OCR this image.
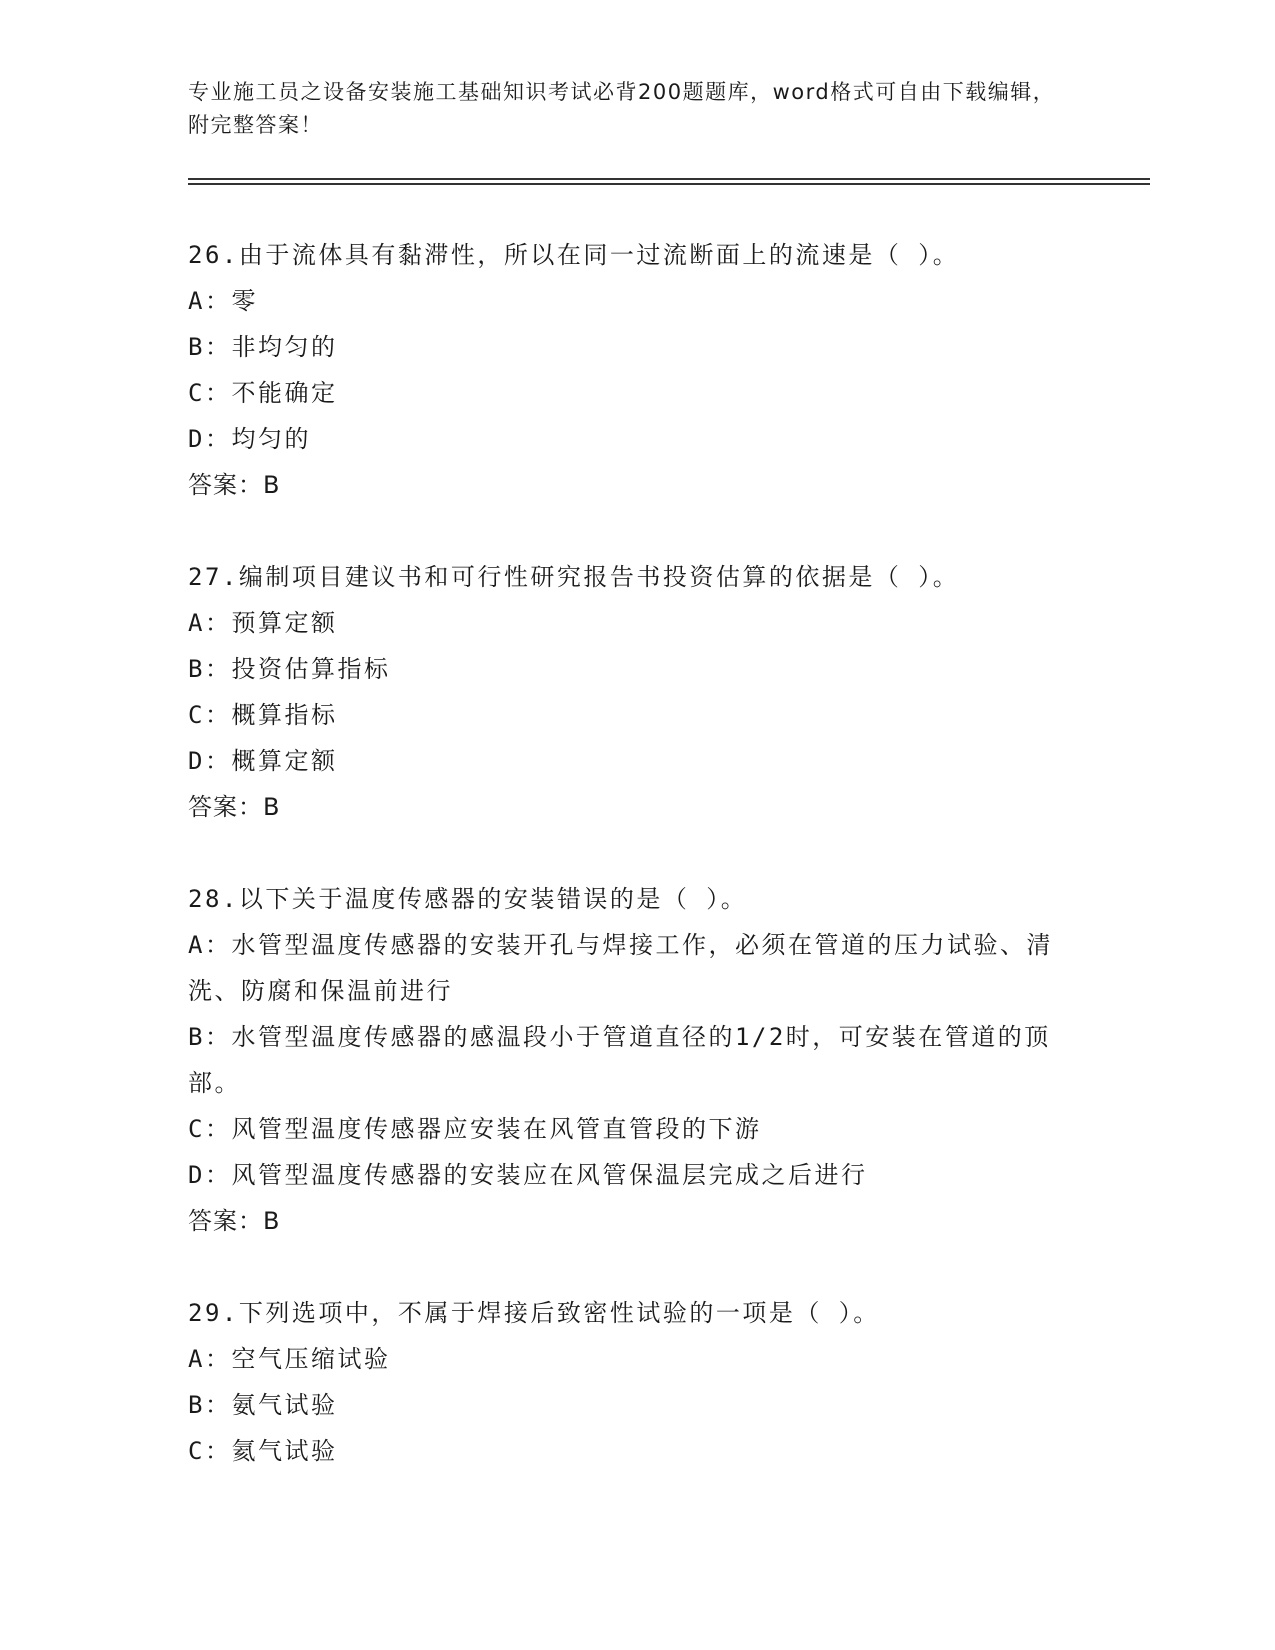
专业施工员之设备安装施工基础知识考试必背200题题库，word格式可自由下载编辑，附完整答案！
26.由于流体具有黏滞性，所以在同一过流断面上的流速是（ ）。
A：零
B：非均匀的
C：不能确定
D：均匀的
答案：B
27.编制项目建议书和可行性研究报告书投资估算的依据是（ ）。
A：预算定额
B：投资估算指标
C：概算指标
D：概算定额
答案：B
28.以下关于温度传感器的安装错误的是（ ）。
A：水管型温度传感器的安装开孔与焊接工作，必须在管道的压力试验、清洗、防腐和保温前进行
B：水管型温度传感器的感温段小于管道直径的1/2时，可安装在管道的顶部。
C：风管型温度传感器应安装在风管直管段的下游
D：风管型温度传感器的安装应在风管保温层完成之后进行
答案：B
29.下列选项中，不属于焊接后致密性试验的一项是（ ）。
A：空气压缩试验
B：氨气试验
C：氦气试验
